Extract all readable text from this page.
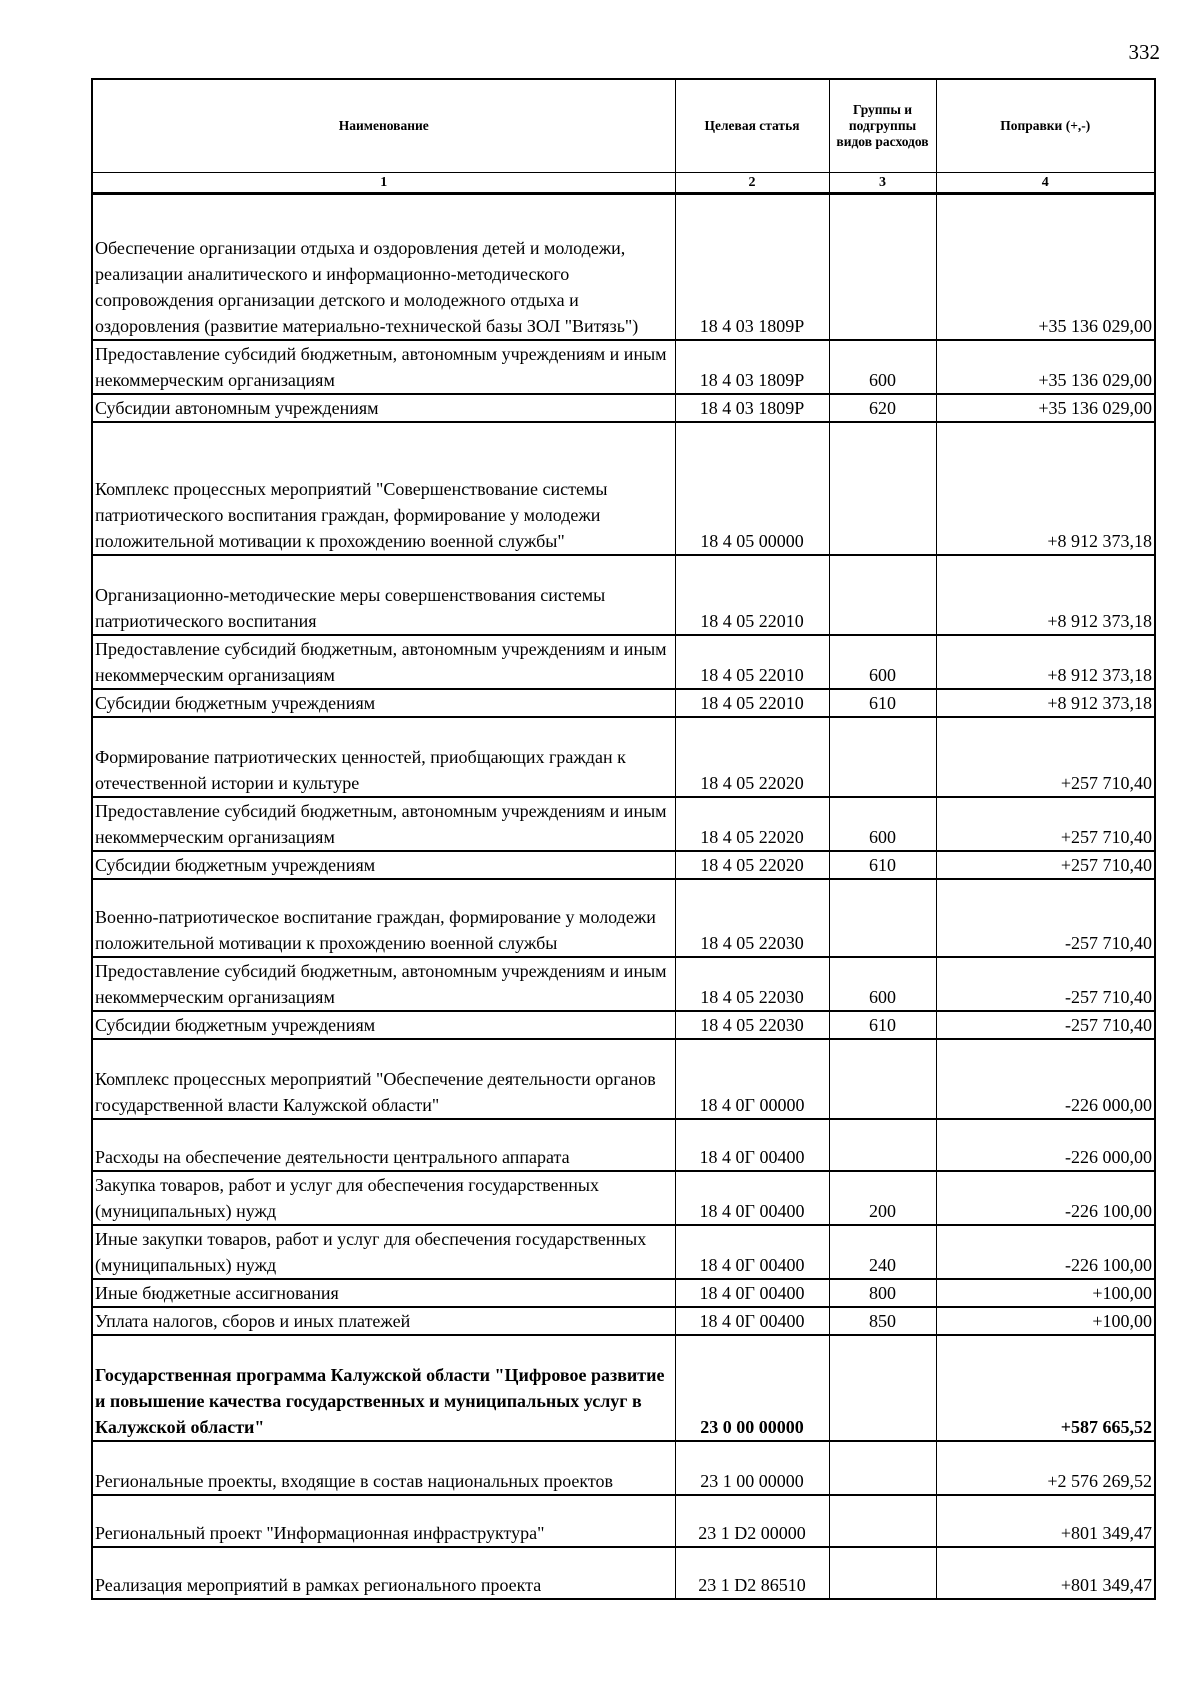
332
Наименование	Целевая статья	Группы и подгруппы видов расходов	Поправки (+,-)
1	2	3	4
Обеспечение организации отдыха и оздоровления детей и молодежи, реализации аналитического и информационно-методического сопровождения организации детского и молодежного отдыха и оздоровления (развитие материально-технической базы ЗОЛ "Витязь")	18 4 03 1809Р		+35 136 029,00
Предоставление субсидий бюджетным, автономным учреждениям и иным некоммерческим организациям	18 4 03 1809Р	600	+35 136 029,00
Субсидии автономным учреждениям	18 4 03 1809Р	620	+35 136 029,00
Комплекс процессных мероприятий "Совершенствование системы патриотического воспитания граждан, формирование у молодежи положительной мотивации к прохождению военной службы"	18 4 05 00000		+8 912 373,18
Организационно-методические меры совершенствования системы патриотического воспитания	18 4 05 22010		+8 912 373,18
Предоставление субсидий бюджетным, автономным учреждениям и иным некоммерческим организациям	18 4 05 22010	600	+8 912 373,18
Субсидии бюджетным учреждениям	18 4 05 22010	610	+8 912 373,18
Формирование патриотических ценностей, приобщающих граждан к отечественной истории и культуре	18 4 05 22020		+257 710,40
Предоставление субсидий бюджетным, автономным учреждениям и иным некоммерческим организациям	18 4 05 22020	600	+257 710,40
Субсидии бюджетным учреждениям	18 4 05 22020	610	+257 710,40
Военно-патриотическое воспитание граждан, формирование у молодежи положительной мотивации к прохождению военной службы	18 4 05 22030		-257 710,40
Предоставление субсидий бюджетным, автономным учреждениям и иным некоммерческим организациям	18 4 05 22030	600	-257 710,40
Субсидии бюджетным учреждениям	18 4 05 22030	610	-257 710,40
Комплекс процессных мероприятий "Обеспечение деятельности органов государственной власти Калужской области"	18 4 0Г 00000		-226 000,00
Расходы на обеспечение деятельности центрального аппарата	18 4 0Г 00400		-226 000,00
Закупка товаров, работ и услуг для обеспечения государственных (муниципальных) нужд	18 4 0Г 00400	200	-226 100,00
Иные закупки товаров, работ и услуг для обеспечения государственных (муниципальных) нужд	18 4 0Г 00400	240	-226 100,00
Иные бюджетные ассигнования	18 4 0Г 00400	800	+100,00
Уплата налогов, сборов и иных платежей	18 4 0Г 00400	850	+100,00
Государственная программа Калужской области "Цифровое развитие и повышение качества государственных и муниципальных услуг в Калужской области"	23 0 00 00000		+587 665,52
Региональные проекты, входящие в состав национальных проектов	23 1 00 00000		+2 576 269,52
Региональный проект "Информационная инфраструктура"	23 1 D2 00000		+801 349,47
Реализация мероприятий в рамках регионального проекта	23 1 D2 86510		+801 349,47
